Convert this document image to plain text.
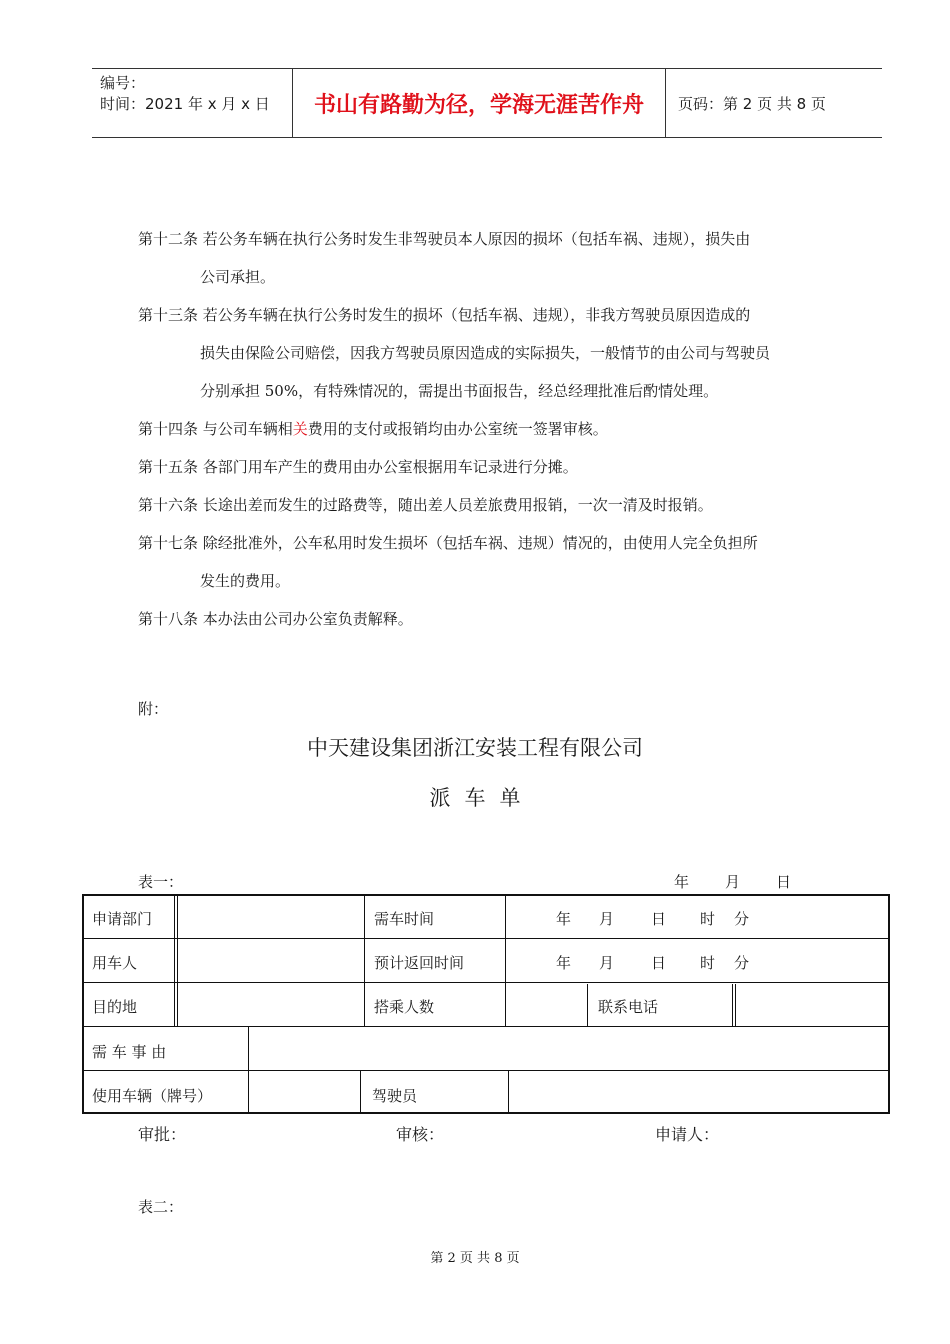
编号：
时间：2021 年 x 月 x 日	书山有路勤为径，学海无涯苦作舟	页码：第 2 页 共 8 页
第十二条 若公务车辆在执行公务时发生非驾驶员本人原因的损坏（包括车祸、违规），损失由
公司承担。
第十三条 若公务车辆在执行公务时发生的损坏（包括车祸、违规），非我方驾驶员原因造成的
损失由保险公司赔偿，因我方驾驶员原因造成的实际损失，一般情节的由公司与驾驶员
分别承担 50%，有特殊情况的，需提出书面报告，经总经理批准后酌情处理。
第十四条 与公司车辆相关费用的支付或报销均由办公室统一签署审核。
第十五条 各部门用车产生的费用由办公室根据用车记录进行分摊。
第十六条 长途出差而发生的过路费等，随出差人员差旅费用报销，一次一清及时报销。
第十七条 除经批准外，公车私用时发生损坏（包括车祸、违规）情况的，由使用人完全负担所
发生的费用。
第十八条 本办法由公司办公室负责解释。
附：
中天建设集团浙江安装工程有限公司
派车单
表一：	年 月 日
申请部门	需车时间	年 月 日 时 分
用车人	预计返回时间	年 月 日 时 分
目的地	搭乘人数	联系电话
需 车 事 由
使用车辆（牌号）	驾驶员
审批：	审核：	申请人：
表二：
第 2 页 共 8 页
